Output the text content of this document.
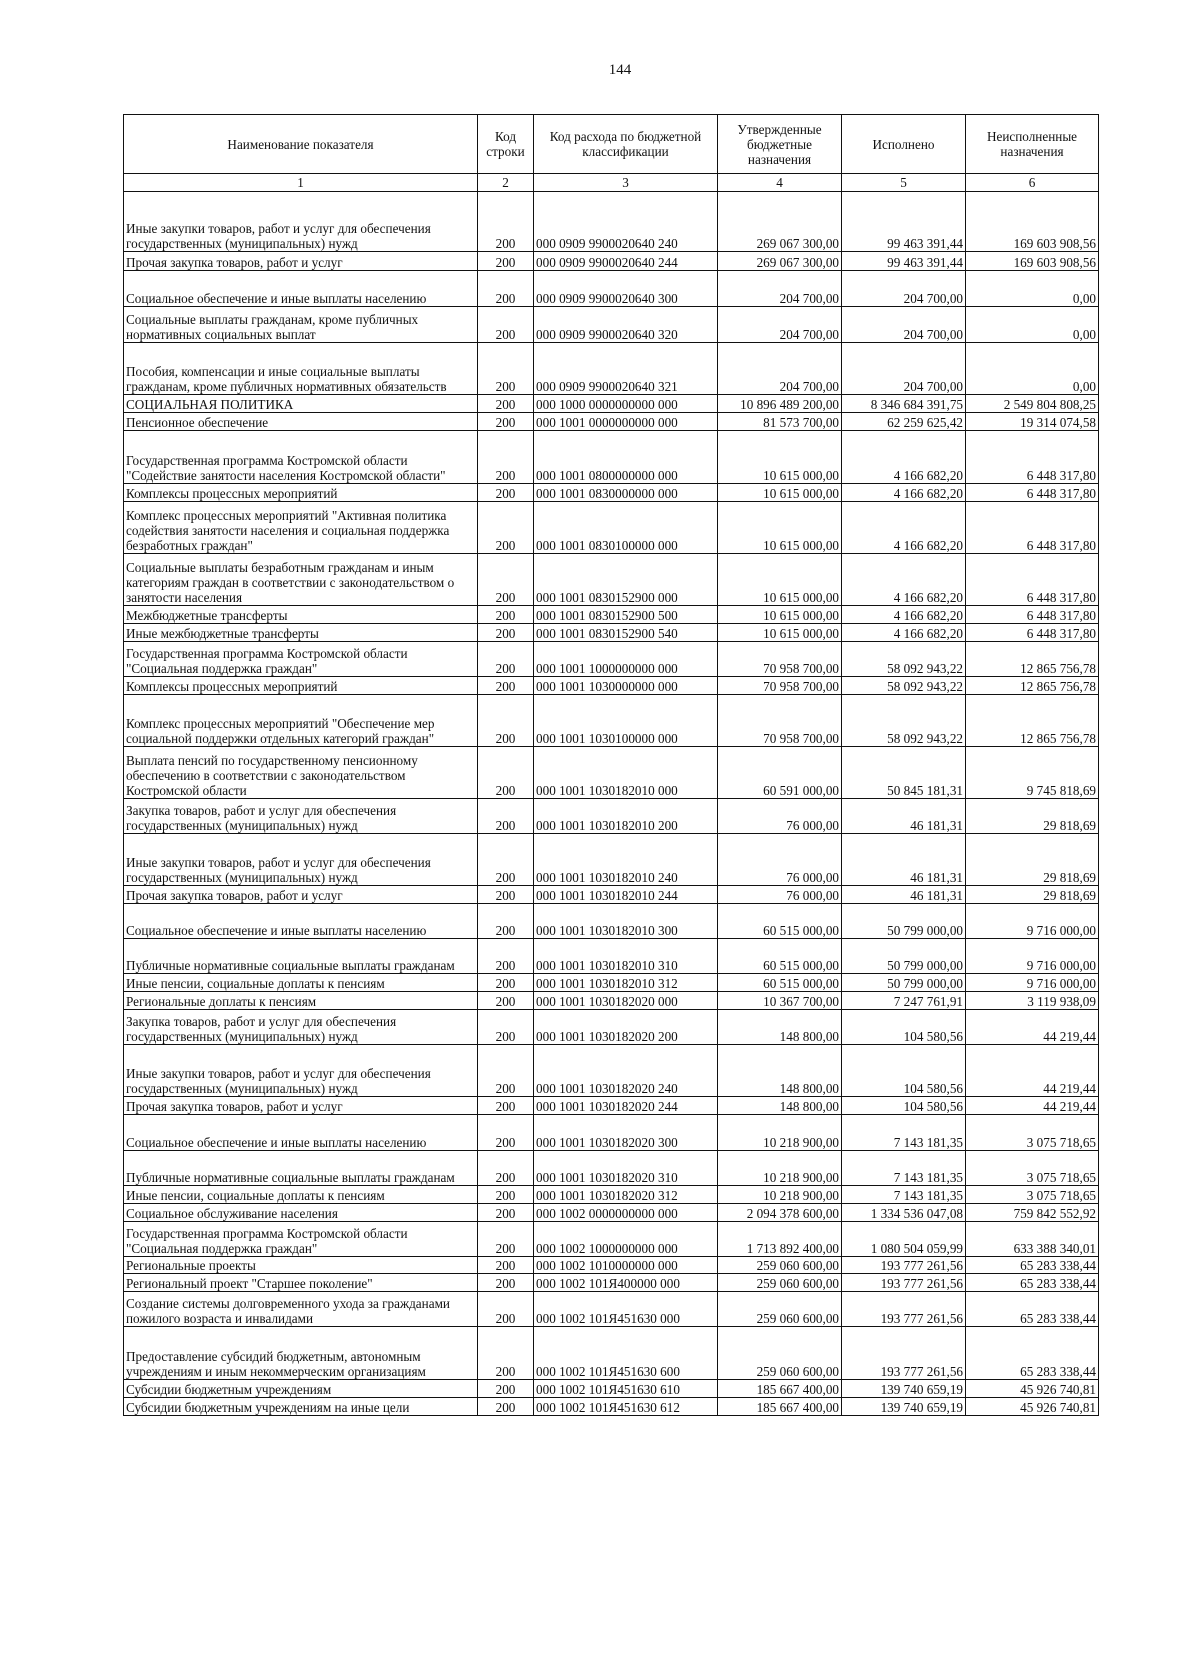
144
Наименование показателя	Код строки	Код расхода по бюджетной классификации	Утвержденные бюджетные назначения	Исполнено	Неисполненные назначения
1	2	3	4	5	6
Иные закупки товаров, работ и услуг для обеспечения государственных (муниципальных) нужд	200	000 0909 9900020640 240	269 067 300,00	99 463 391,44	169 603 908,56
Прочая закупка товаров, работ и услуг	200	000 0909 9900020640 244	269 067 300,00	99 463 391,44	169 603 908,56
Социальное обеспечение и иные выплаты населению	200	000 0909 9900020640 300	204 700,00	204 700,00	0,00
Социальные выплаты гражданам, кроме публичных нормативных социальных выплат	200	000 0909 9900020640 320	204 700,00	204 700,00	0,00
Пособия, компенсации и иные социальные выплаты гражданам, кроме публичных нормативных обязательств	200	000 0909 9900020640 321	204 700,00	204 700,00	0,00
СОЦИАЛЬНАЯ ПОЛИТИКА	200	000 1000 0000000000 000	10 896 489 200,00	8 346 684 391,75	2 549 804 808,25
Пенсионное обеспечение	200	000 1001 0000000000 000	81 573 700,00	62 259 625,42	19 314 074,58
Государственная программа Костромской области "Содействие занятости населения Костромской области"	200	000 1001 0800000000 000	10 615 000,00	4 166 682,20	6 448 317,80
Комплексы процессных мероприятий	200	000 1001 0830000000 000	10 615 000,00	4 166 682,20	6 448 317,80
Комплекс процессных мероприятий "Активная политика содействия занятости населения и социальная поддержка безработных граждан"	200	000 1001 0830100000 000	10 615 000,00	4 166 682,20	6 448 317,80
Социальные выплаты безработным гражданам и иным категориям граждан в соответствии с законодательством о занятости населения	200	000 1001 0830152900 000	10 615 000,00	4 166 682,20	6 448 317,80
Межбюджетные трансферты	200	000 1001 0830152900 500	10 615 000,00	4 166 682,20	6 448 317,80
Иные межбюджетные трансферты	200	000 1001 0830152900 540	10 615 000,00	4 166 682,20	6 448 317,80
Государственная программа Костромской области "Социальная поддержка граждан"	200	000 1001 1000000000 000	70 958 700,00	58 092 943,22	12 865 756,78
Комплексы процессных мероприятий	200	000 1001 1030000000 000	70 958 700,00	58 092 943,22	12 865 756,78
Комплекс процессных мероприятий "Обеспечение мер социальной поддержки отдельных категорий граждан"	200	000 1001 1030100000 000	70 958 700,00	58 092 943,22	12 865 756,78
Выплата пенсий по государственному пенсионному обеспечению в соответствии с законодательством Костромской области	200	000 1001 1030182010 000	60 591 000,00	50 845 181,31	9 745 818,69
Закупка товаров, работ и услуг для обеспечения государственных (муниципальных) нужд	200	000 1001 1030182010 200	76 000,00	46 181,31	29 818,69
Иные закупки товаров, работ и услуг для обеспечения государственных (муниципальных) нужд	200	000 1001 1030182010 240	76 000,00	46 181,31	29 818,69
Прочая закупка товаров, работ и услуг	200	000 1001 1030182010 244	76 000,00	46 181,31	29 818,69
Социальное обеспечение и иные выплаты населению	200	000 1001 1030182010 300	60 515 000,00	50 799 000,00	9 716 000,00
Публичные нормативные социальные выплаты гражданам	200	000 1001 1030182010 310	60 515 000,00	50 799 000,00	9 716 000,00
Иные пенсии, социальные доплаты к пенсиям	200	000 1001 1030182010 312	60 515 000,00	50 799 000,00	9 716 000,00
Региональные доплаты к пенсиям	200	000 1001 1030182020 000	10 367 700,00	7 247 761,91	3 119 938,09
Закупка товаров, работ и услуг для обеспечения государственных (муниципальных) нужд	200	000 1001 1030182020 200	148 800,00	104 580,56	44 219,44
Иные закупки товаров, работ и услуг для обеспечения государственных (муниципальных) нужд	200	000 1001 1030182020 240	148 800,00	104 580,56	44 219,44
Прочая закупка товаров, работ и услуг	200	000 1001 1030182020 244	148 800,00	104 580,56	44 219,44
Социальное обеспечение и иные выплаты населению	200	000 1001 1030182020 300	10 218 900,00	7 143 181,35	3 075 718,65
Публичные нормативные социальные выплаты гражданам	200	000 1001 1030182020 310	10 218 900,00	7 143 181,35	3 075 718,65
Иные пенсии, социальные доплаты к пенсиям	200	000 1001 1030182020 312	10 218 900,00	7 143 181,35	3 075 718,65
Социальное обслуживание населения	200	000 1002 0000000000 000	2 094 378 600,00	1 334 536 047,08	759 842 552,92
Государственная программа Костромской области "Социальная поддержка граждан"	200	000 1002 1000000000 000	1 713 892 400,00	1 080 504 059,99	633 388 340,01
Региональные проекты	200	000 1002 1010000000 000	259 060 600,00	193 777 261,56	65 283 338,44
Региональный проект "Старшее поколение"	200	000 1002 101Я400000 000	259 060 600,00	193 777 261,56	65 283 338,44
Создание системы долговременного ухода за гражданами пожилого возраста и инвалидами	200	000 1002 101Я451630 000	259 060 600,00	193 777 261,56	65 283 338,44
Предоставление субсидий бюджетным, автономным учреждениям и иным некоммерческим организациям	200	000 1002 101Я451630 600	259 060 600,00	193 777 261,56	65 283 338,44
Субсидии бюджетным учреждениям	200	000 1002 101Я451630 610	185 667 400,00	139 740 659,19	45 926 740,81
Субсидии бюджетным учреждениям на иные цели	200	000 1002 101Я451630 612	185 667 400,00	139 740 659,19	45 926 740,81
